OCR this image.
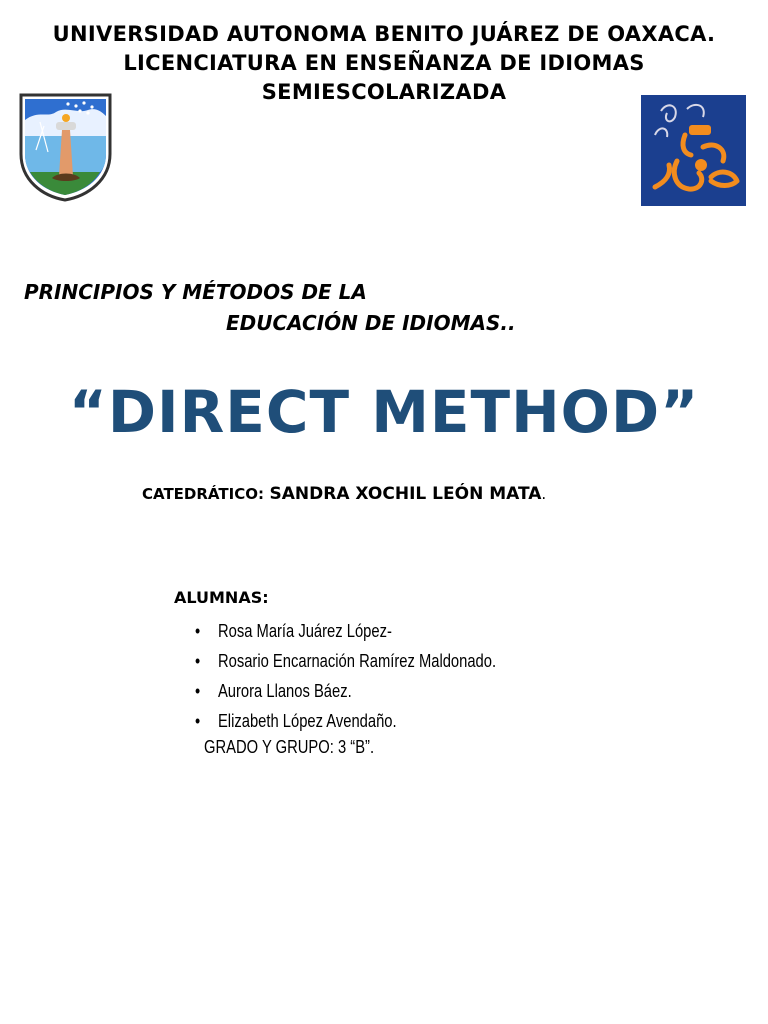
UNIVERSIDAD AUTONOMA BENITO JUÁREZ DE OAXACA.
LICENCIATURA EN ENSEÑANZA DE IDIOMAS
SEMIESCOLARIZADA
PRINCIPIOS Y MÉTODOS DE LA
EDUCACIÓN DE IDIOMAS..
“DIRECT METHOD”
CATEDRÁTICO: SANDRA XOCHIL LEÓN MATA.
ALUMNAS:
• Rosa María Juárez López-
• Rosario Encarnación Ramírez Maldonado.
• Aurora Llanos Báez.
• Elizabeth López Avendaño.
GRADO Y GRUPO: 3 “B”.
